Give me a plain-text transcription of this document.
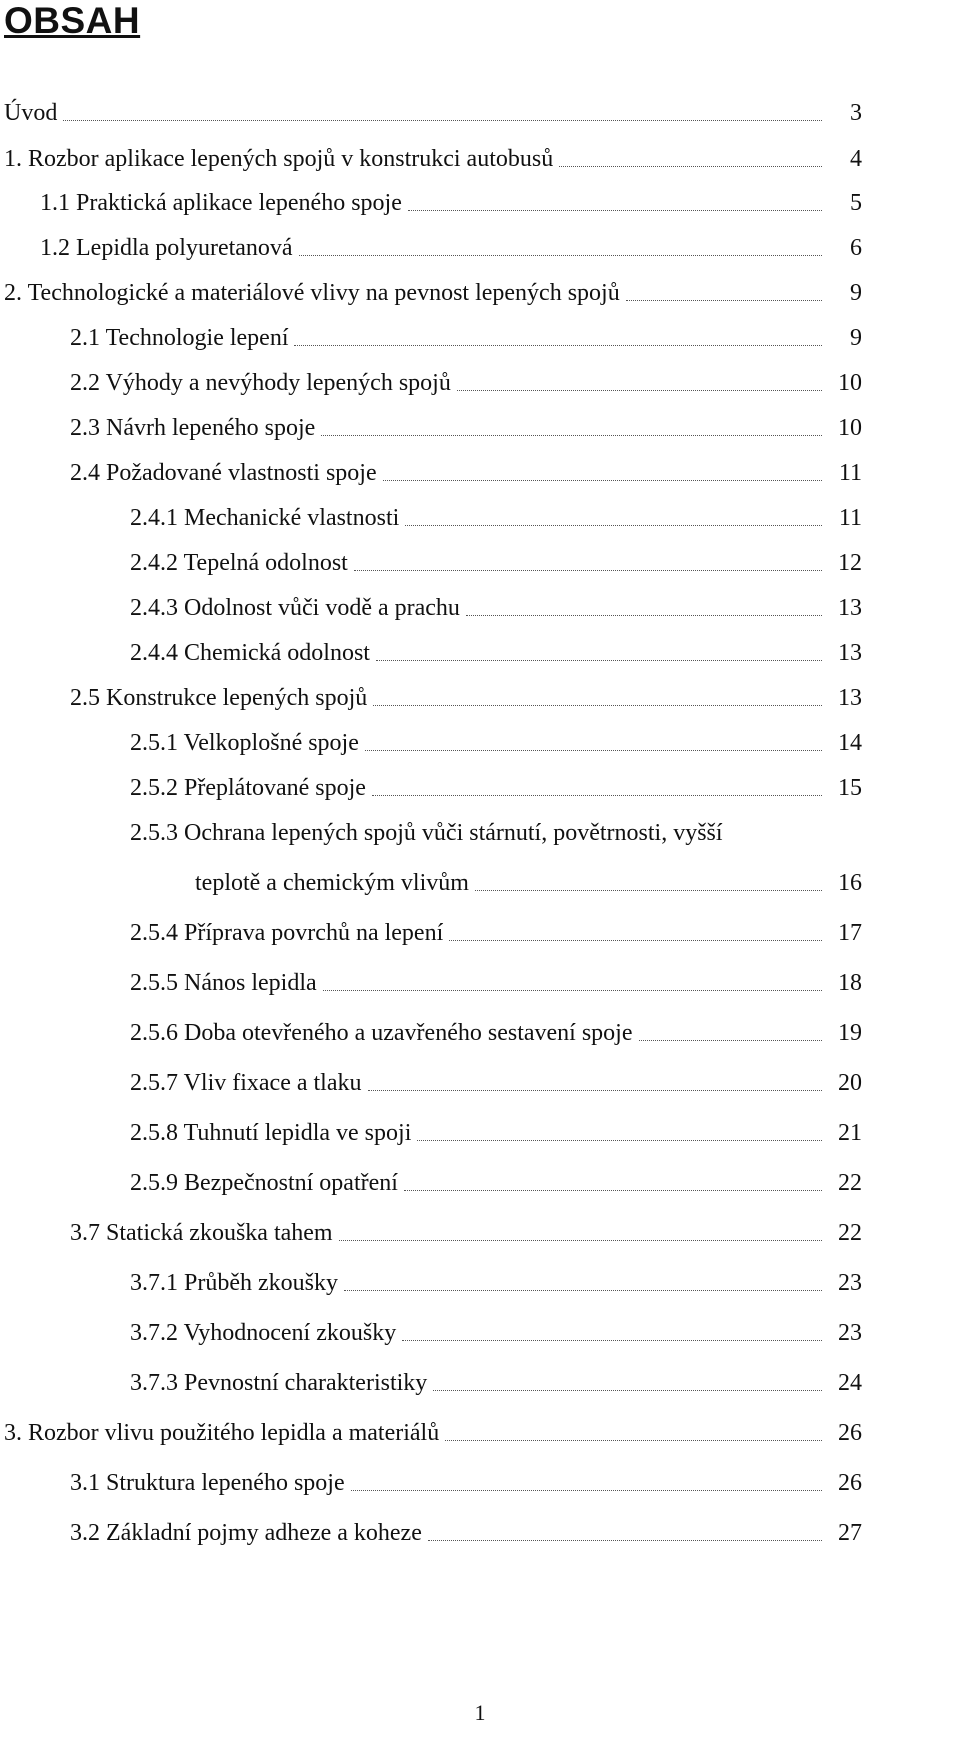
OBSAH
Úvod	3
1. Rozbor aplikace lepených spojů v konstrukci autobusů	4
1.1 Praktická aplikace lepeného spoje	5
1.2 Lepidla polyuretanová	6
2. Technologické a materiálové vlivy na pevnost lepených spojů	9
2.1 Technologie lepení	9
2.2 Výhody a nevýhody lepených spojů	10
2.3 Návrh lepeného spoje	10
2.4 Požadované vlastnosti spoje	11
2.4.1 Mechanické vlastnosti	11
2.4.2 Tepelná odolnost	12
2.4.3 Odolnost vůči vodě a prachu	13
2.4.4 Chemická odolnost	13
2.5 Konstrukce lepených spojů	13
2.5.1 Velkoplošné spoje	14
2.5.2 Přeplátované spoje	15
2.5.3 Ochrana lepených spojů vůči stárnutí, povětrnosti, vyšší
teplotě a chemickým vlivům	16
2.5.4 Příprava povrchů na lepení	17
2.5.5 Nános lepidla	18
2.5.6 Doba otevřeného a uzavřeného sestavení spoje	19
2.5.7 Vliv fixace a tlaku	20
2.5.8 Tuhnutí lepidla ve spoji	21
2.5.9 Bezpečnostní opatření	22
3.7 Statická zkouška tahem	22
3.7.1 Průběh zkoušky	23
3.7.2 Vyhodnocení zkoušky	23
3.7.3 Pevnostní charakteristiky	24
3. Rozbor vlivu použitého lepidla a materiálů	26
3.1 Struktura lepeného spoje	26
3.2 Základní pojmy adheze a koheze	27
1
